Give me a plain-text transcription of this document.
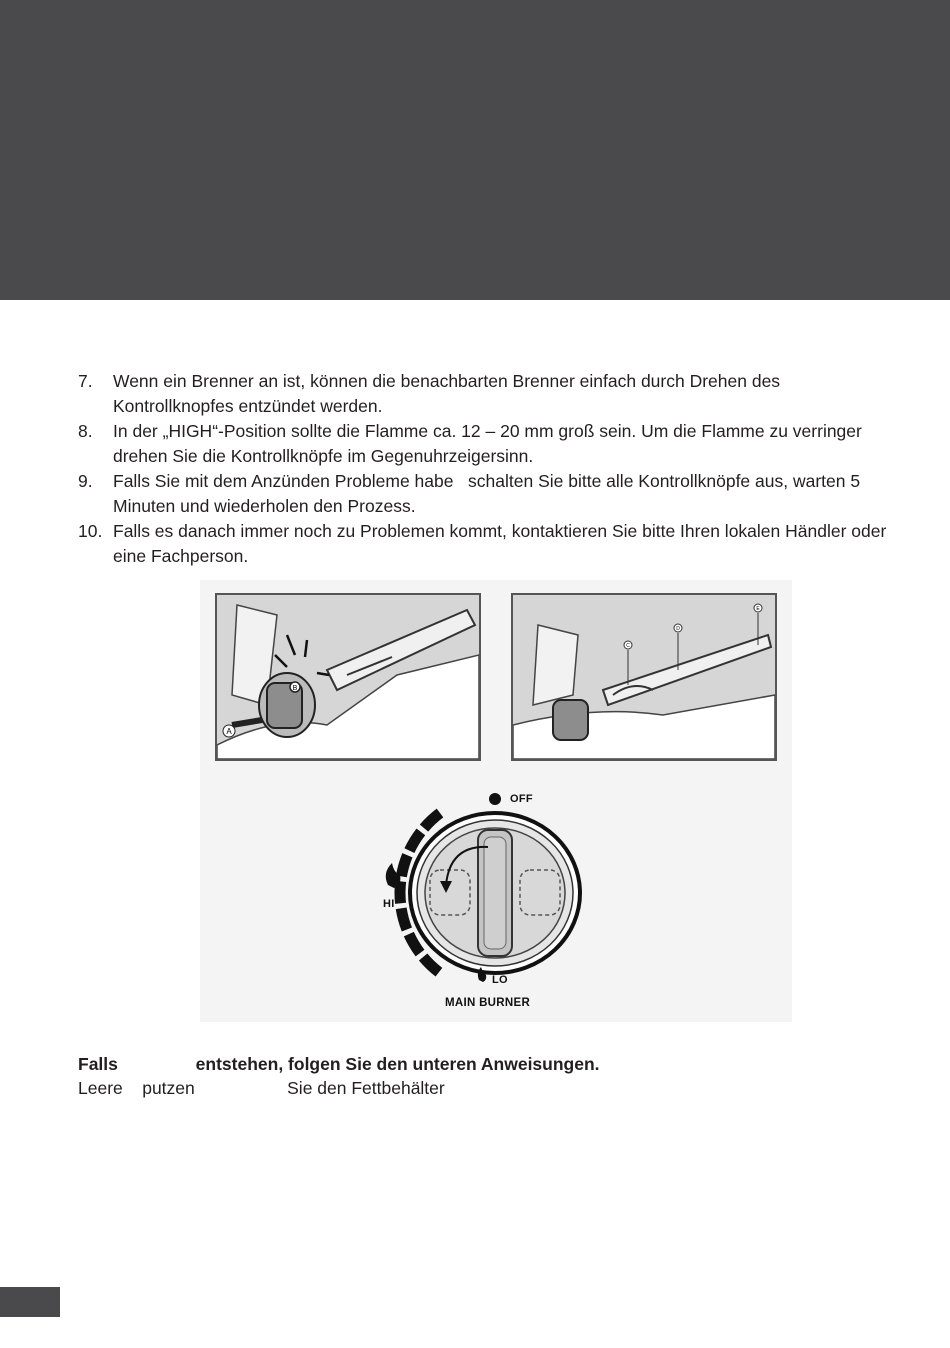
7. Wenn ein Brenner an ist, können die benachbarten Brenner einfach durch Drehen des Kontrollknopfes entzündet werden.
8. In der „HIGH“-Position sollte die Flamme ca. 12 – 20 mm groß sein. Um die Flamme zu verringer   drehen Sie die Kontrollknöpfe im Gegenuhrzeigersinn.
9. Falls Sie mit dem Anzünden Probleme habe   schalten Sie bitte alle Kontrollknöpfe aus, warten 5 Minuten und wiederholen den Prozess.
10. Falls es danach immer noch zu Problemen kommt, kontaktieren Sie bitte Ihren lokalen Händler oder eine Fachperson.
A
B
C
D
E
OFF
HI
LO
MAIN BURNER
Falls                entstehen, folgen Sie den unteren Anweisungen.
Leere    putzen                   Sie den Fettbehälter
